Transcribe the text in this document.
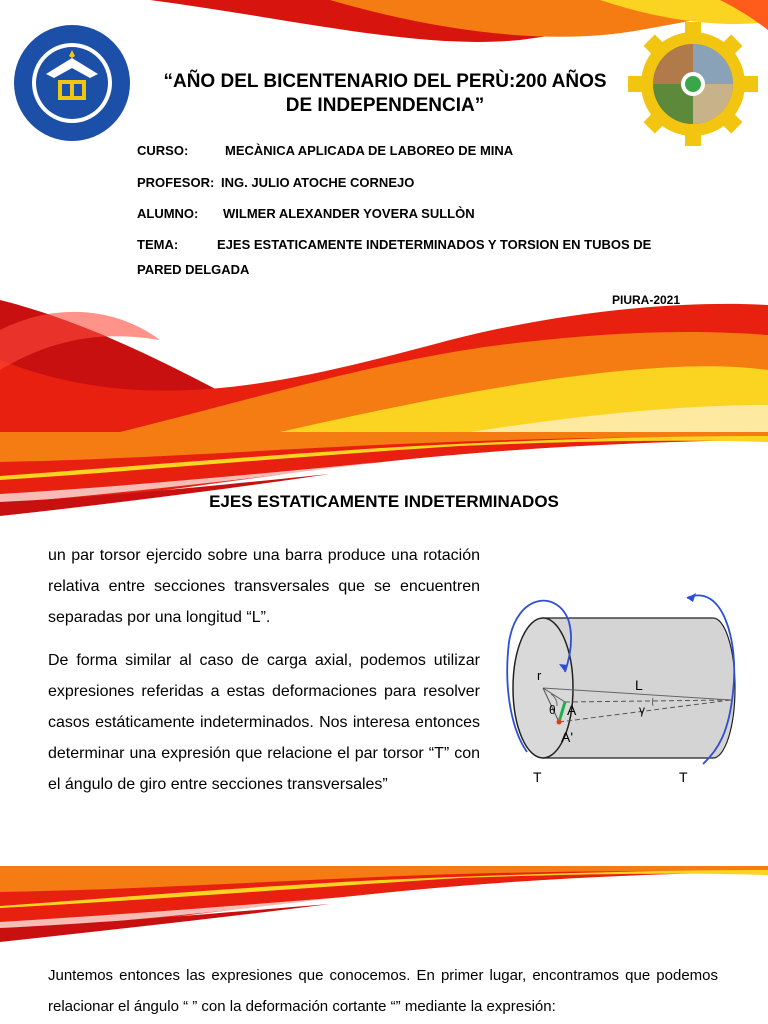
“AÑO DEL BICENTENARIO DEL PERÙ:200 AÑOS DE INDEPENDENCIA”
CURSO:	MECÀNICA APLICADA DE LABOREO DE MINA
PROFESOR: ING. JULIO ATOCHE CORNEJO
ALUMNO: WILMER ALEXANDER YOVERA SULLÒN
TEMA:	EJES ESTATICAMENTE INDETERMINADOS Y TORSION EN TUBOS DE
PARED DELGADA
PIURA-2021
EJES ESTATICAMENTE INDETERMINADOS

un par torsor ejercido sobre una barra produce una rotación relativa entre secciones transversales que se encuentren separadas por una longitud “L”.

De forma similar al caso de carga axial, podemos utilizar expresiones referidas a estas deformaciones para resolver casos estáticamente indeterminados. Nos interesa entonces determinar una expresión que relacione el par torsor “T” con el ángulo de giro entre secciones transversales”

r
θ A
A'
L
γ
T	T

Juntemos entonces las expresiones que conocemos. En primer lugar, encontramos que podemos relacionar el ángulo “ ” con la deformación cortante “” mediante la expresión:
